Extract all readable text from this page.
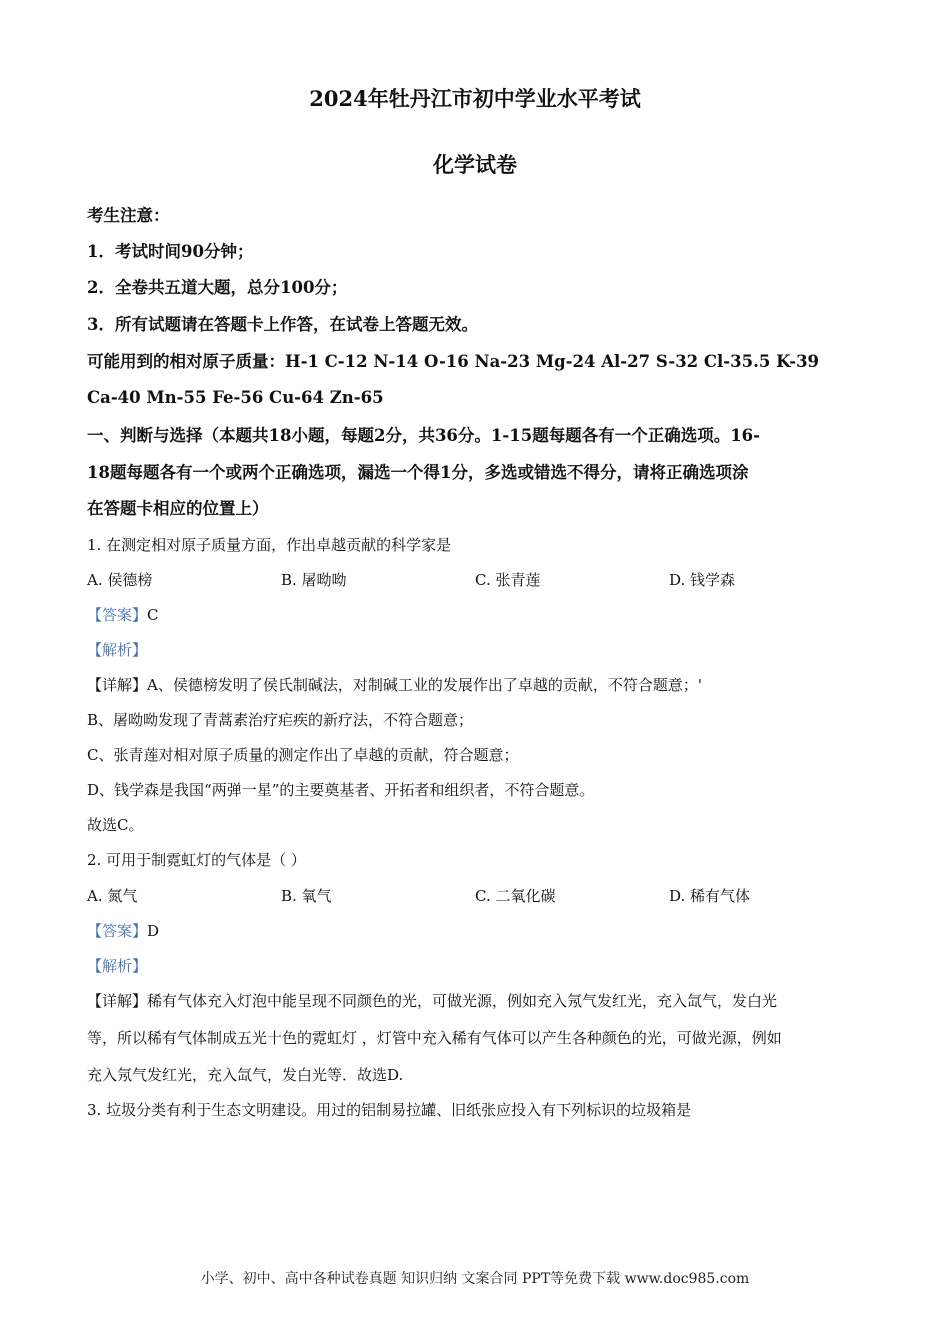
2024年牡丹江市初中学业水平考试
化学试卷
考生注意：
1．考试时间90分钟；
2．全卷共五道大题，总分100分；
3．所有试题请在答题卡上作答，在试卷上答题无效。
可能用到的相对原子质量：H-1 C-12 N-14 O-16 Na-23 Mg-24 Al-27 S-32 Cl-35.5 K-39
Ca-40 Mn-55 Fe-56 Cu-64 Zn-65
一、判断与选择（本题共18小题，每题2分，共36分。1-15题每题各有一个正确选项。16-
18题每题各有一个或两个正确选项，漏选一个得1分，多选或错选不得分，请将正确选项涂
在答题卡相应的位置上）
1. 在测定相对原子质量方面，作出卓越贡献的科学家是
A. 侯德榜	B. 屠呦呦	C. 张青莲	D. 钱学森
【答案】C
【解析】
【详解】A、侯德榜发明了侯氏制碱法，对制碱工业的发展作出了卓越的贡献，不符合题意；'
B、屠呦呦发现了青蒿素治疗疟疾的新疗法，不符合题意；
C、张青莲对相对原子质量的测定作出了卓越的贡献，符合题意；
D、钱学森是我国“两弹一星”的主要奠基者、开拓者和组织者，不符合题意。
故选C。
2. 可用于制霓虹灯的气体是（ ）
A. 氮气	B. 氧气	C. 二氧化碳	D. 稀有气体
【答案】D
【解析】
【详解】稀有气体充入灯泡中能呈现不同颜色的光，可做光源，例如充入氖气发红光，充入氙气，发白光
等，所以稀有气体制成五光十色的霓虹灯 ，灯管中充入稀有气体可以产生各种颜色的光，可做光源，例如
充入氖气发红光，充入氙气，发白光等．故选D.
3. 垃圾分类有利于生态文明建设。用过的铝制易拉罐、旧纸张应投入有下列标识的垃圾箱是
小学、初中、高中各种试卷真题 知识归纳 文案合同 PPT等免费下载 www.doc985.com
